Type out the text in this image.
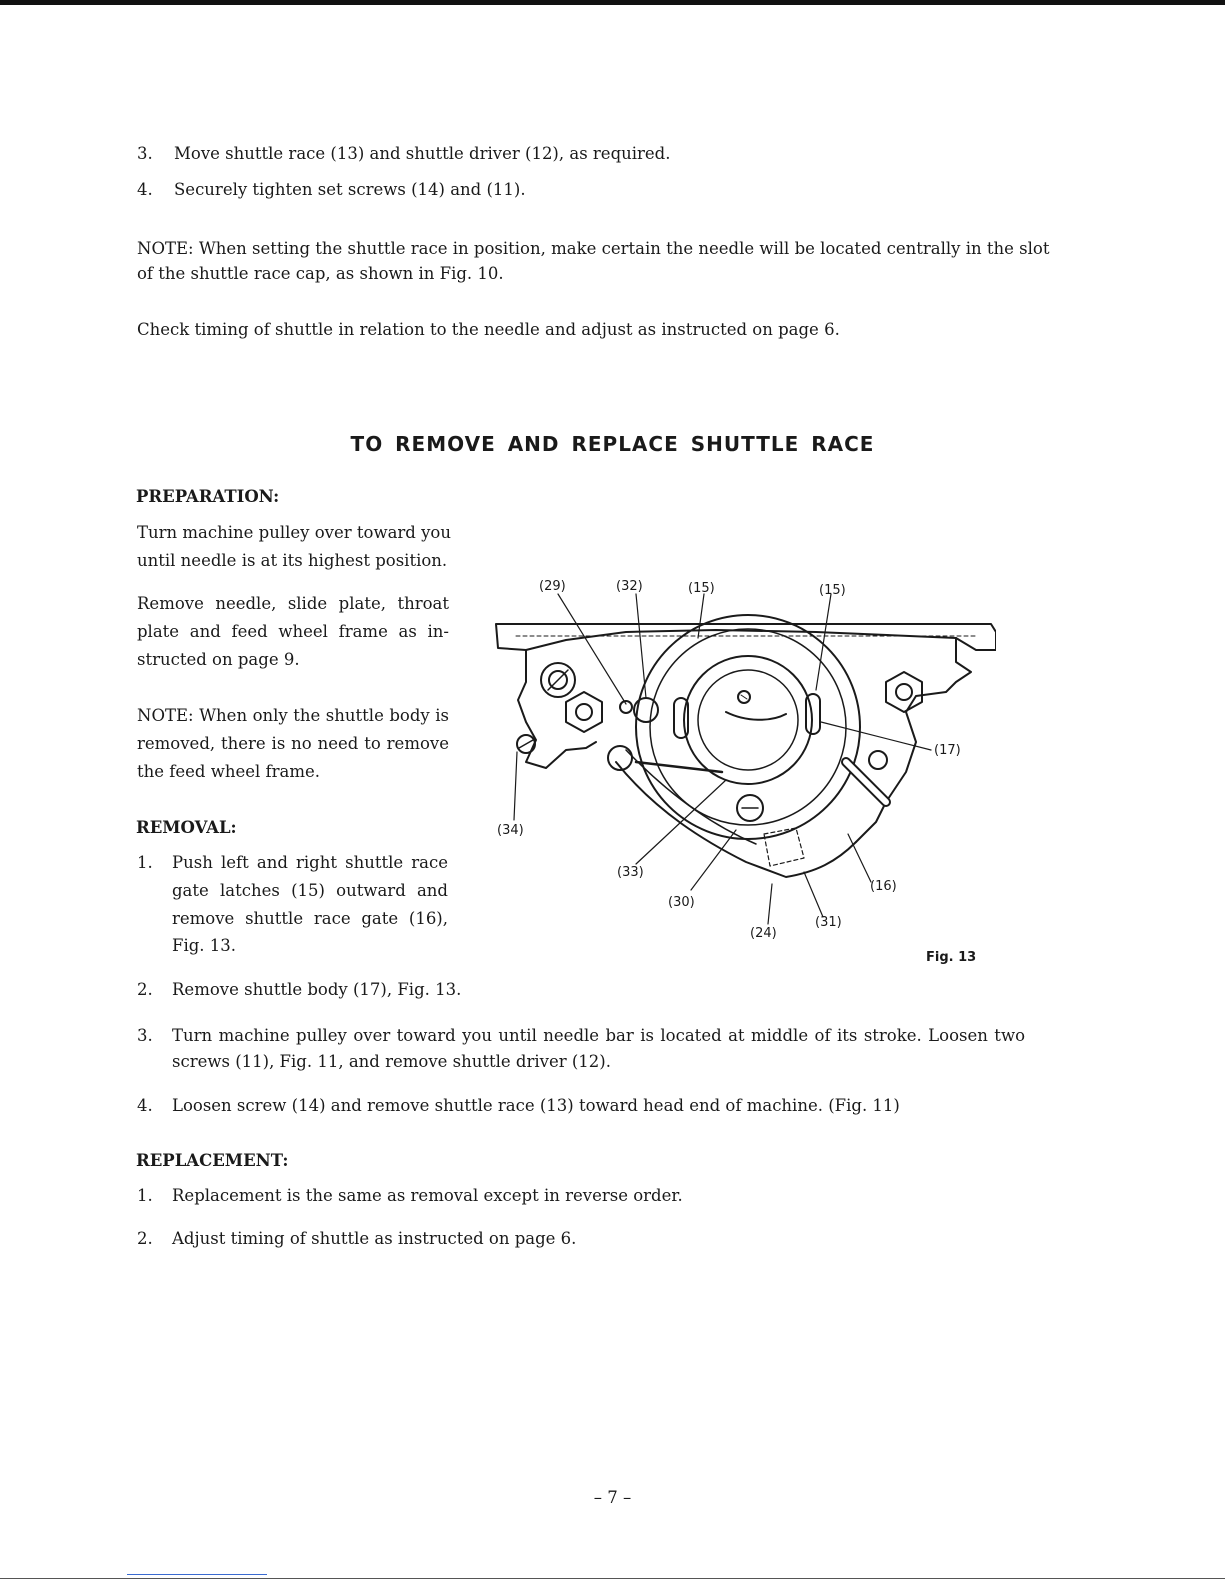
3. Move shuttle race (13) and shuttle driver (12), as required.
4. Securely tighten set screws (14) and (11).
NOTE: When setting the shuttle race in position, make certain the needle will be located centrally in the slot
of the shuttle race cap, as shown in Fig. 10.
Check timing of shuttle in relation to the needle and adjust as instructed on page 6.
TO REMOVE AND REPLACE SHUTTLE RACE
PREPARATION:
Turn machine pulley over toward you
until needle is at its highest position.
Remove needle, slide plate, throat
plate and feed wheel frame as in-
structed on page 9.
NOTE: When only the shuttle body is
removed, there is no need to remove
the feed wheel frame.
REMOVAL:
1. Push left and right shuttle race
gate latches (15) outward and
remove shuttle race gate (16),
Fig. 13.
2. Remove shuttle body (17), Fig. 13.
3. Turn machine pulley over toward you until needle bar is located at middle of its stroke. Loosen two
screws (11), Fig. 11, and remove shuttle driver (12).
4. Loosen screw (14) and remove shuttle race (13) toward head end of machine. (Fig. 11)
REPLACEMENT:
1. Replacement is the same as removal except in reverse order.
2. Adjust timing of shuttle as instructed on page 6.
(29)	(32)	(15)	(15)
(17)
(34)
(33)
(30)
(24)
(31)
(16)
Fig. 13
– 7 –
